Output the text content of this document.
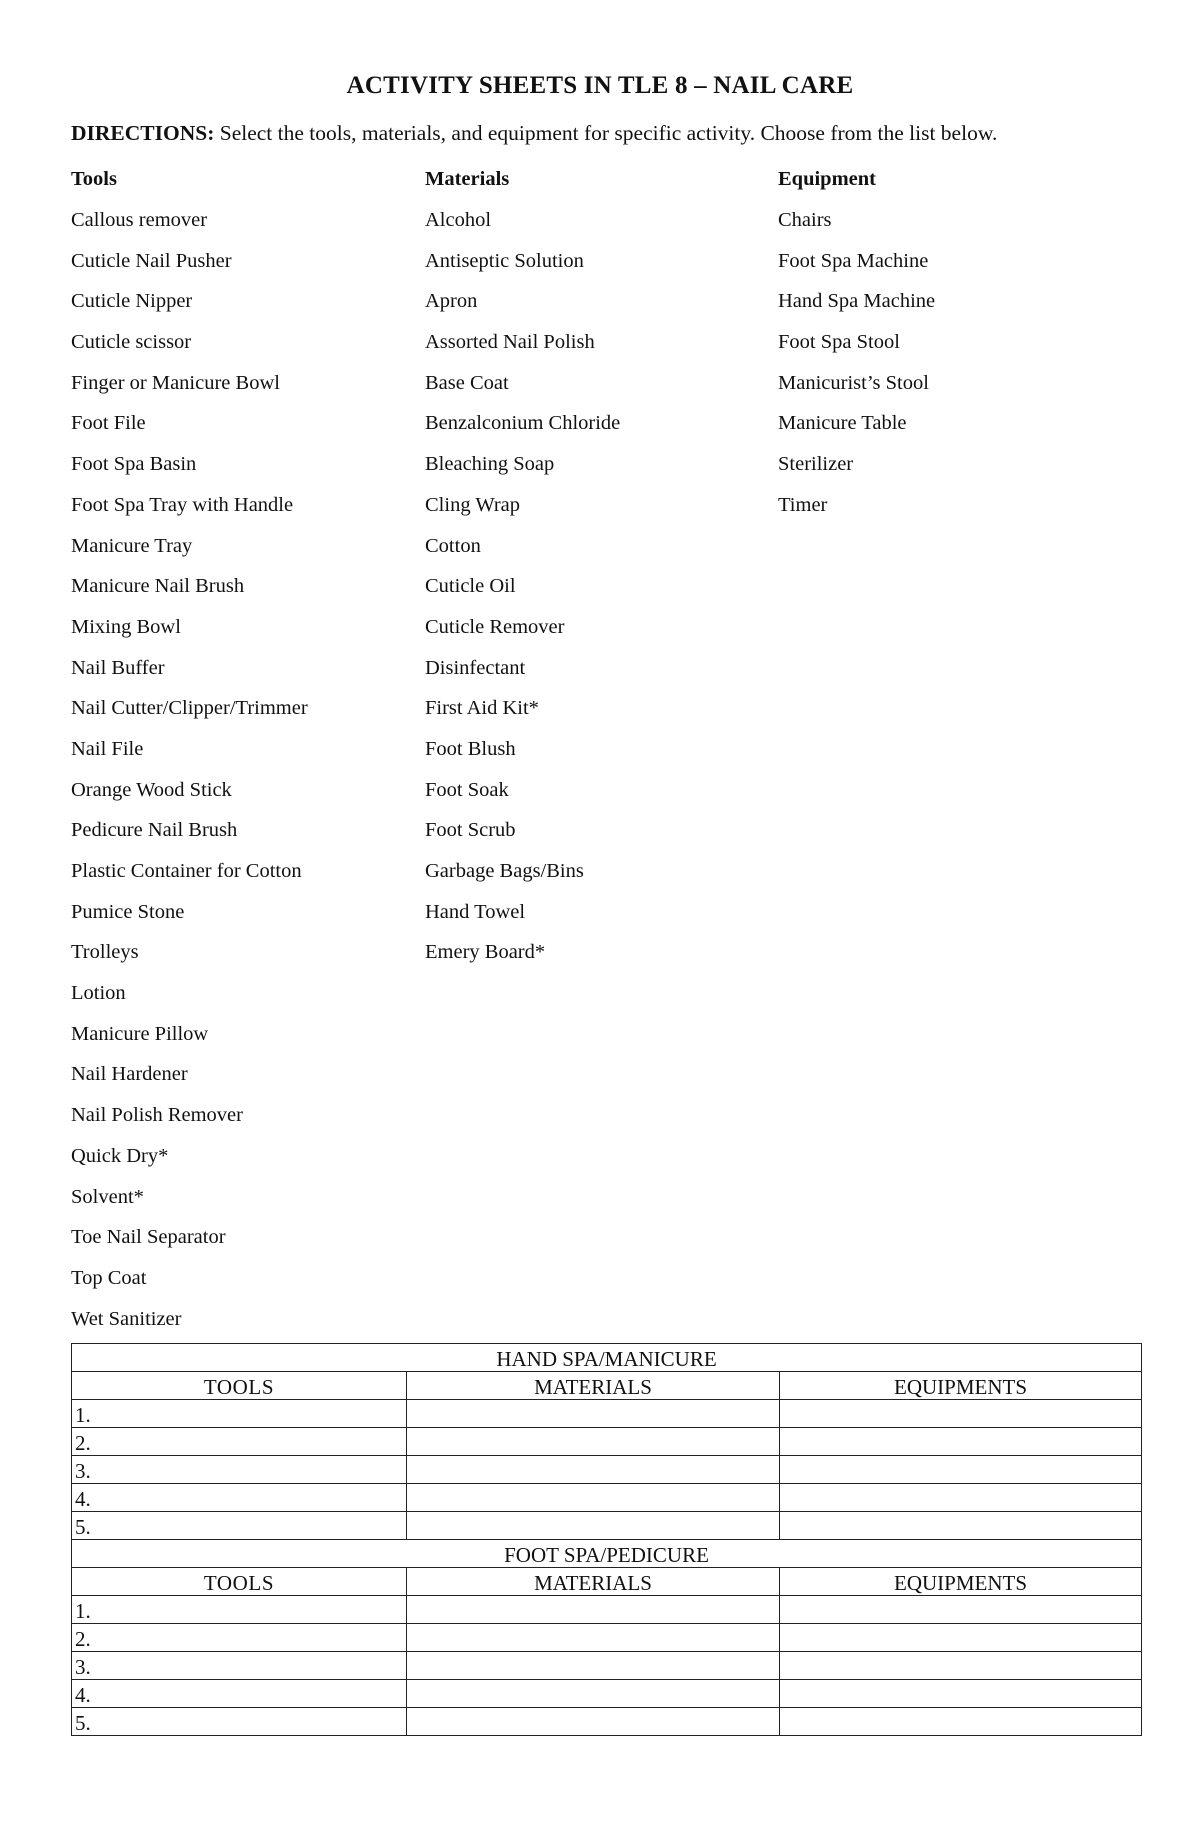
ACTIVITY SHEETS IN TLE 8 – NAIL CARE
DIRECTIONS: Select the tools, materials, and equipment for specific activity. Choose from the list below.
Tools
Callous remover
Cuticle Nail Pusher
Cuticle Nipper
Cuticle scissor
Finger or Manicure Bowl
Foot File
Foot Spa Basin
Foot Spa Tray with Handle
Manicure Tray
Manicure Nail Brush
Mixing Bowl
Nail Buffer
Nail Cutter/Clipper/Trimmer
Nail File
Orange Wood Stick
Pedicure Nail Brush
Plastic Container for Cotton
Pumice Stone
Trolleys
Lotion
Manicure Pillow
Nail Hardener
Nail Polish Remover
Quick Dry*
Solvent*
Toe Nail Separator
Top Coat
Wet Sanitizer
Materials
Alcohol
Antiseptic Solution
Apron
Assorted Nail Polish
Base Coat
Benzalconium Chloride
Bleaching Soap
Cling Wrap
Cotton
Cuticle Oil
Cuticle Remover
Disinfectant
First Aid Kit*
Foot Blush
Foot Soak
Foot Scrub
Garbage Bags/Bins
Hand Towel
Emery Board*
Equipment
Chairs
Foot Spa Machine
Hand Spa Machine
Foot Spa Stool
Manicurist’s Stool
Manicure Table
Sterilizer
Timer
HAND SPA/MANICURE		
TOOLS	MATERIALS	EQUIPMENTS
1.		
2.		
3.		
4.		
5.		
FOOT SPA/PEDICURE		
TOOLS	MATERIALS	EQUIPMENTS
1.		
2.		
3.		
4.		
5.		
